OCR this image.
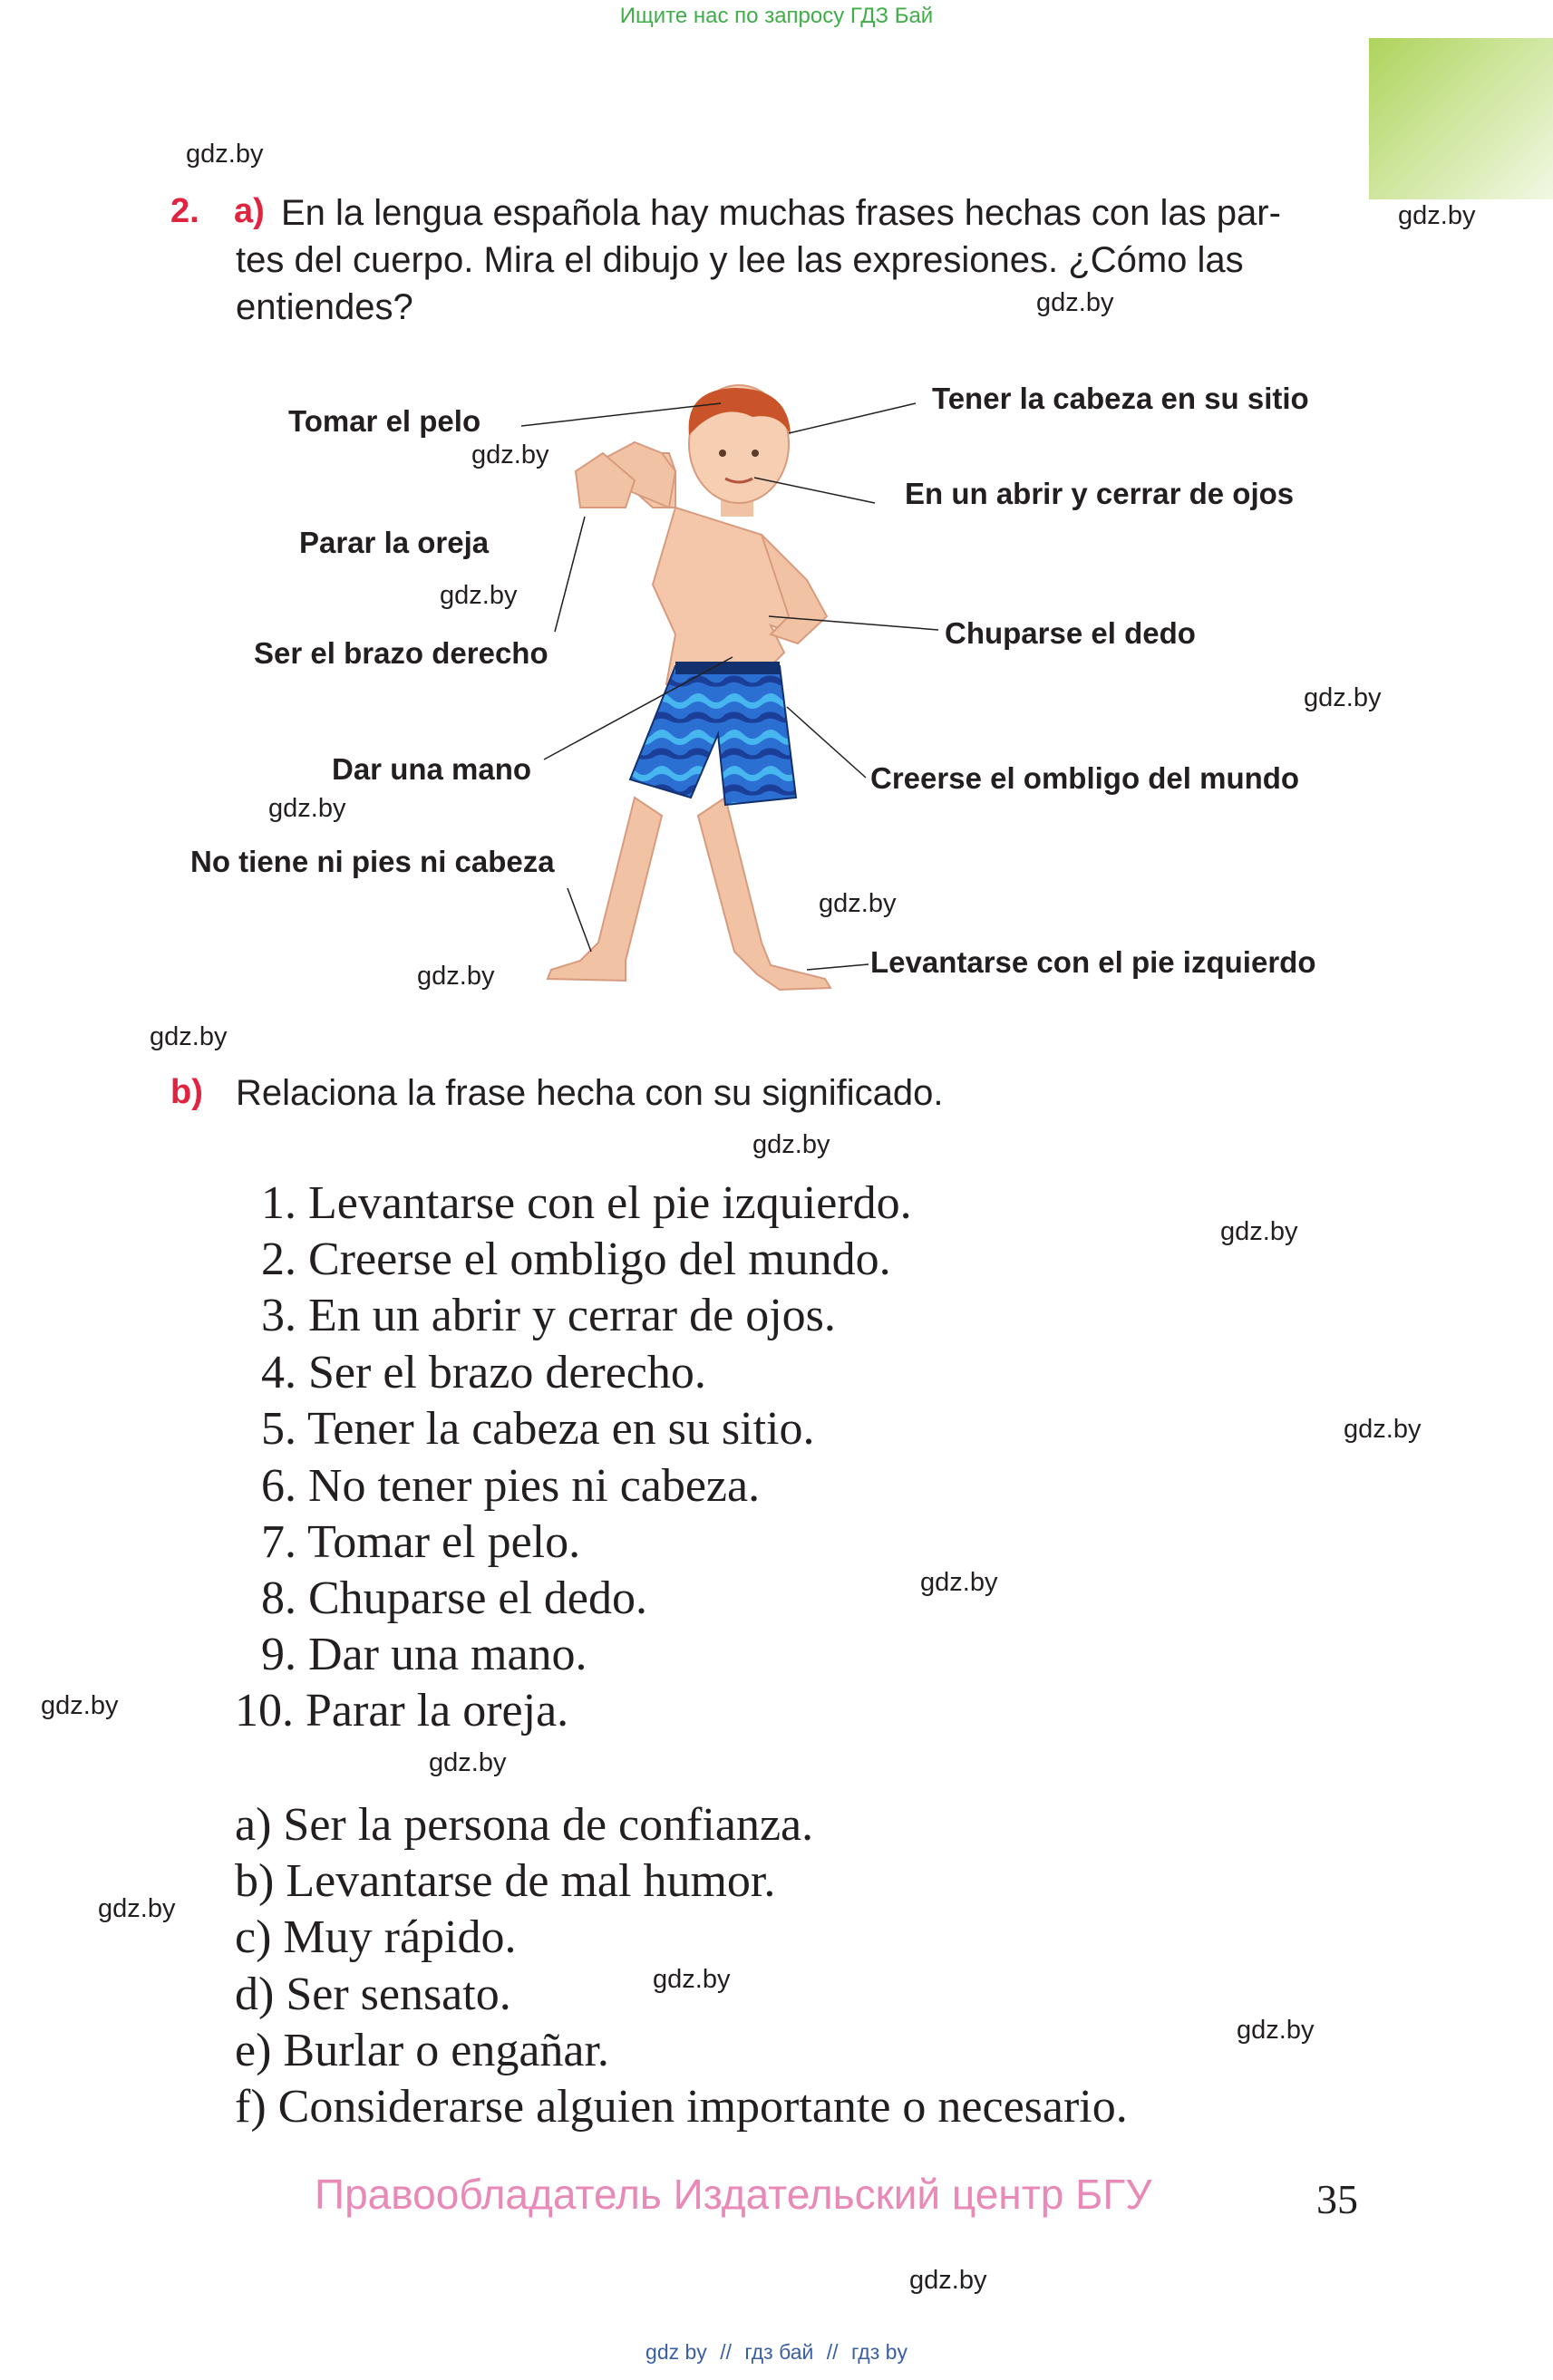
Ищите нас по запросу ГДЗ Бай
gdz.by
gdz.by
gdz.by
gdz.by
gdz.by
gdz.by
gdz.by
gdz.by
gdz.by
gdz.by
gdz.by
gdz.by
gdz.by
gdz.by
gdz.by
gdz.by
gdz.by
gdz.by
gdz.by
gdz.by
2. a) En la lengua española hay muchas frases hechas con las par-
tes del cuerpo. Mira el dibujo y lee las expresiones. ¿Cómo las
entiendes?
Tomar el pelo
Tener la cabeza en su sitio
En un abrir y cerrar de ojos
Parar la oreja
Chuparse el dedo
Ser el brazo derecho
Dar una mano	Creerse el ombligo del mundo
No tiene ni pies ni cabeza
Levantarse con el pie izquierdo
b) Relaciona la frase hecha con su significado.
1. Levantarse con el pie izquierdo.
2. Creerse el ombligo del mundo.
3. En un abrir y cerrar de ojos.
4. Ser el brazo derecho.
5. Tener la cabeza en su sitio.
6. No tener pies ni cabeza.
7. Tomar el pelo.
8. Chuparse el dedo.
9. Dar una mano.
10. Parar la oreja.
a) Ser la persona de confianza.
b) Levantarse de mal humor.
c) Muy rápido.
d) Ser sensato.
e) Burlar o engañar.
f) Considerarse alguien importante o necesario.
Правообладатель Издательский центр БГУ	35
gdz by // гдз бай // гдз by
